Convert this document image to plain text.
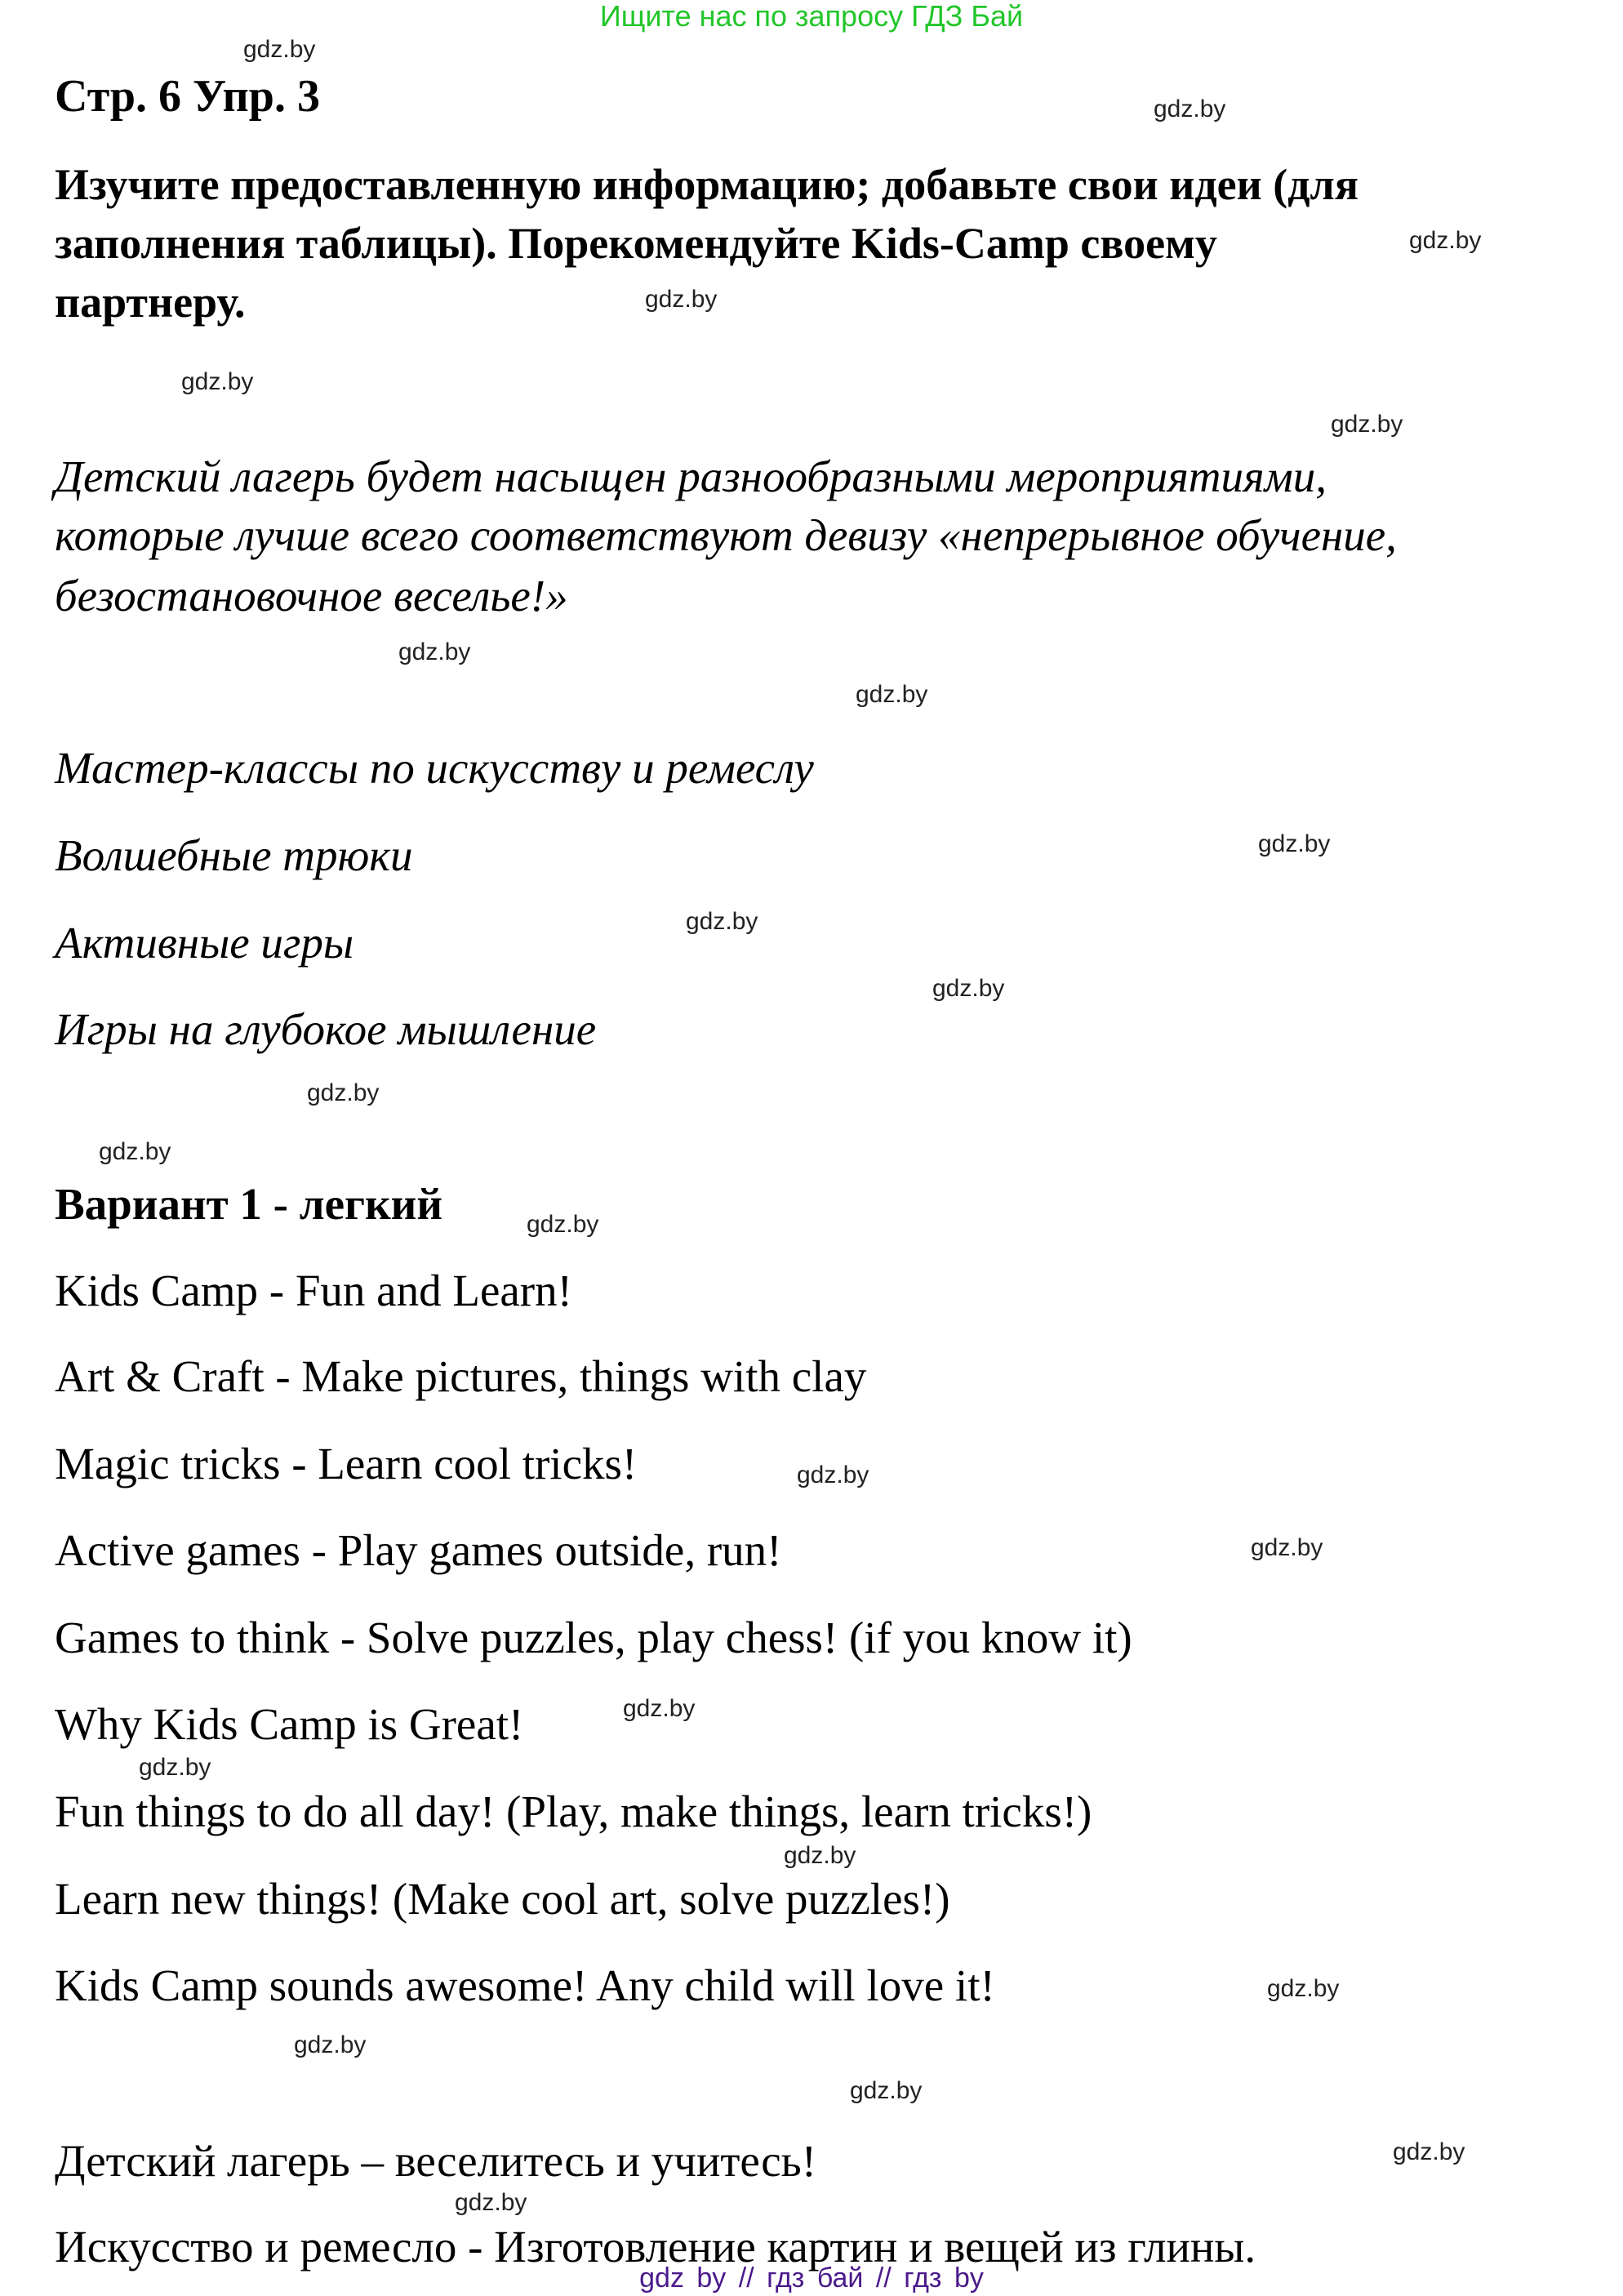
Ищите нас по запросу ГДЗ Бай
Стр. 6 Упр. 3
Изучите предоставленную информацию; добавьте свои идеи (для
заполнения таблицы). Порекомендуйте Kids-Camp своему
партнеру.
Детский лагерь будет насыщен разнообразными мероприятиями,
которые лучше всего соответствуют девизу «непрерывное обучение,
безостановочное веселье!»
Мастер-классы по искусству и ремеслу
Волшебные трюки
Активные игры
Игры на глубокое мышление
Вариант 1 - легкий
Kids Camp - Fun and Learn!
Art & Craft - Make pictures, things with clay
Magic tricks - Learn cool tricks!
Active games - Play games outside, run!
Games to think - Solve puzzles, play chess! (if you know it)
Why Kids Camp is Great!
Fun things to do all day! (Play, make things, learn tricks!)
Learn new things! (Make cool art, solve puzzles!)
Kids Camp sounds awesome! Any child will love it!
Детский лагерь – веселитесь и учитесь!
Искусство и ремесло - Изготовление картин и вещей из глины.
gdz.by
gdz.by
gdz.by
gdz.by
gdz.by
gdz.by
gdz.by
gdz.by
gdz.by
gdz.by
gdz.by
gdz.by
gdz.by
gdz.by
gdz.by
gdz.by
gdz.by
gdz.by
gdz.by
gdz.by
gdz.by
gdz.by
gdz.by
gdz.by
gdz by // гдз бай // гдз by
